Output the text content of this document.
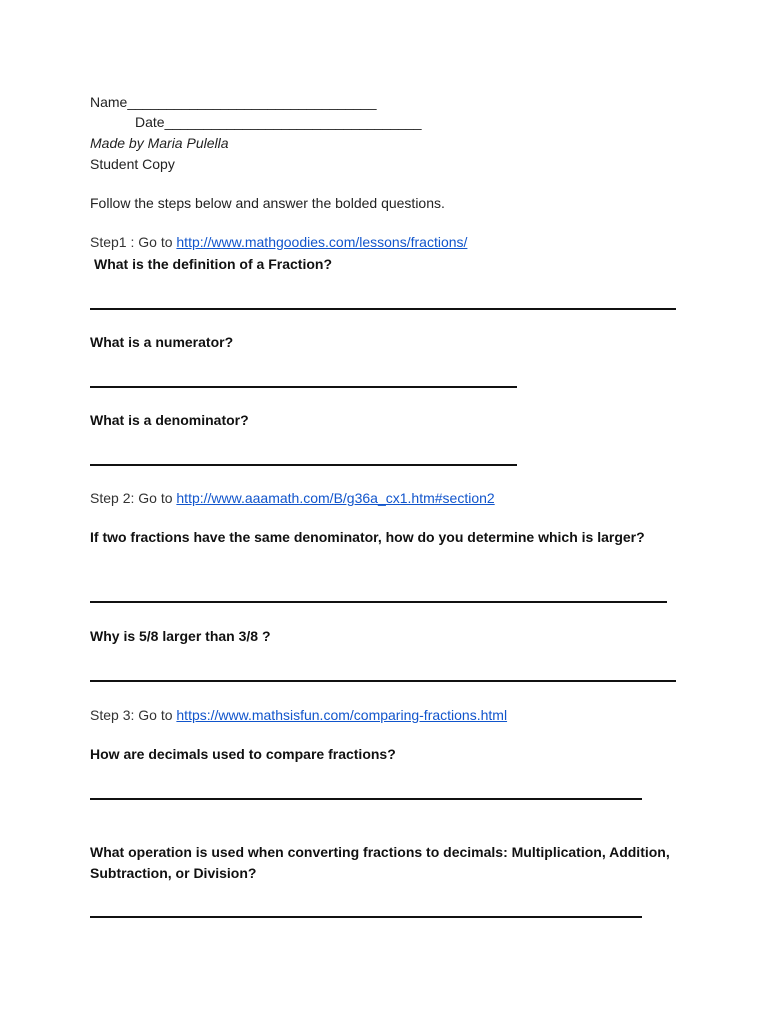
Name________________________________
Date_________________________________
Made by Maria Pulella
Student Copy
Follow the steps below and answer the bolded questions.
Step1 : Go to http://www.mathgoodies.com/lessons/fractions/
What is the definition of a Fraction?
What is a numerator?
What is a denominator?
Step 2: Go to http://www.aaamath.com/B/g36a_cx1.htm#section2
If two fractions have the same denominator, how do you determine which is larger?
Why is 5/8 larger than 3/8 ?
Step 3: Go to https://www.mathsisfun.com/comparing-fractions.html
How are decimals used to compare fractions?
What operation is used when converting fractions to decimals: Multiplication, Addition, Subtraction, or Division?
